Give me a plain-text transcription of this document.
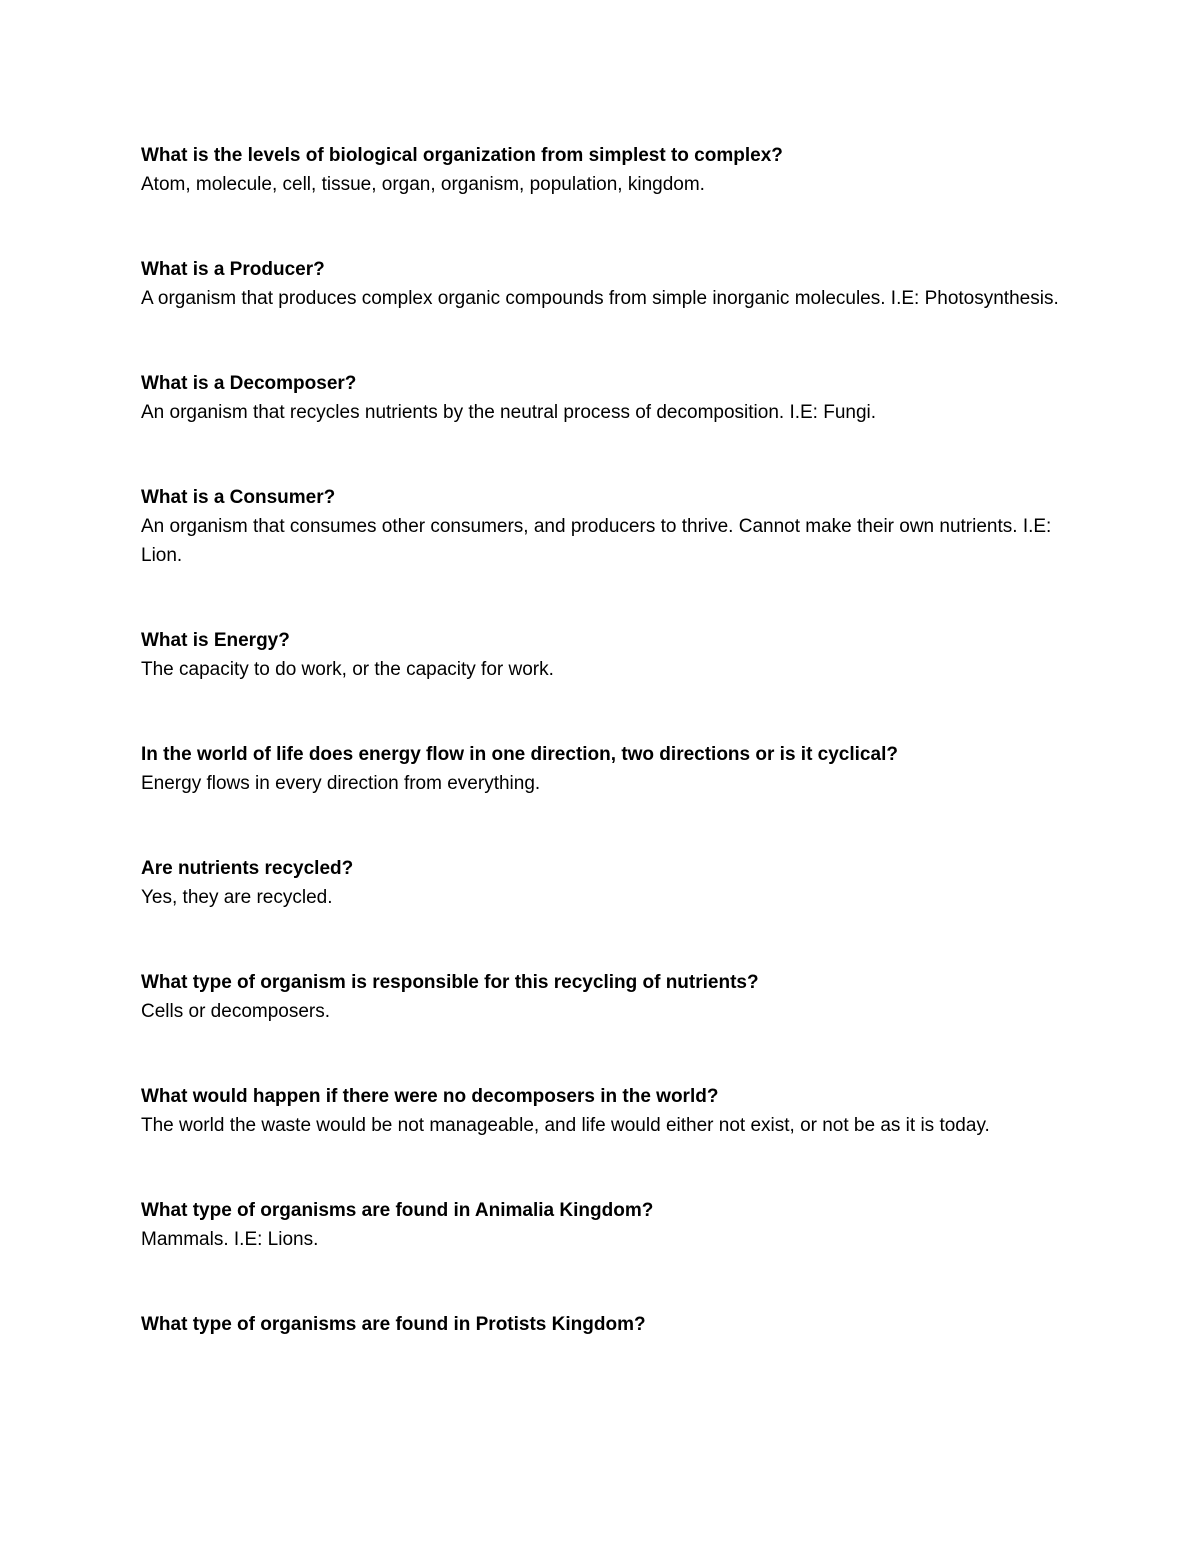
What is the levels of biological organization from simplest to complex?

Atom, molecule, cell, tissue, organ, organism, population, kingdom.

What is a Producer?

A organism that produces complex organic compounds from simple inorganic molecules. I.E: Photosynthesis.

What is a Decomposer?

An organism that recycles nutrients by the neutral process of decomposition. I.E: Fungi.

What is a Consumer?

An organism that consumes other consumers, and producers to thrive. Cannot make their own nutrients. I.E: Lion.

What is Energy?

The capacity to do work, or the capacity for work.

In the world of life does energy flow in one direction, two directions or is it cyclical?

Energy flows in every direction from everything.

Are nutrients recycled?

Yes, they are recycled.

What type of organism is responsible for this recycling of nutrients?

Cells or decomposers.

What would happen if there were no decomposers in the world?

The world the waste would be not manageable, and life would either not exist, or not be as it is today.

What type of organisms are found in Animalia Kingdom?

Mammals. I.E: Lions.

What type of organisms are found in Protists Kingdom?
